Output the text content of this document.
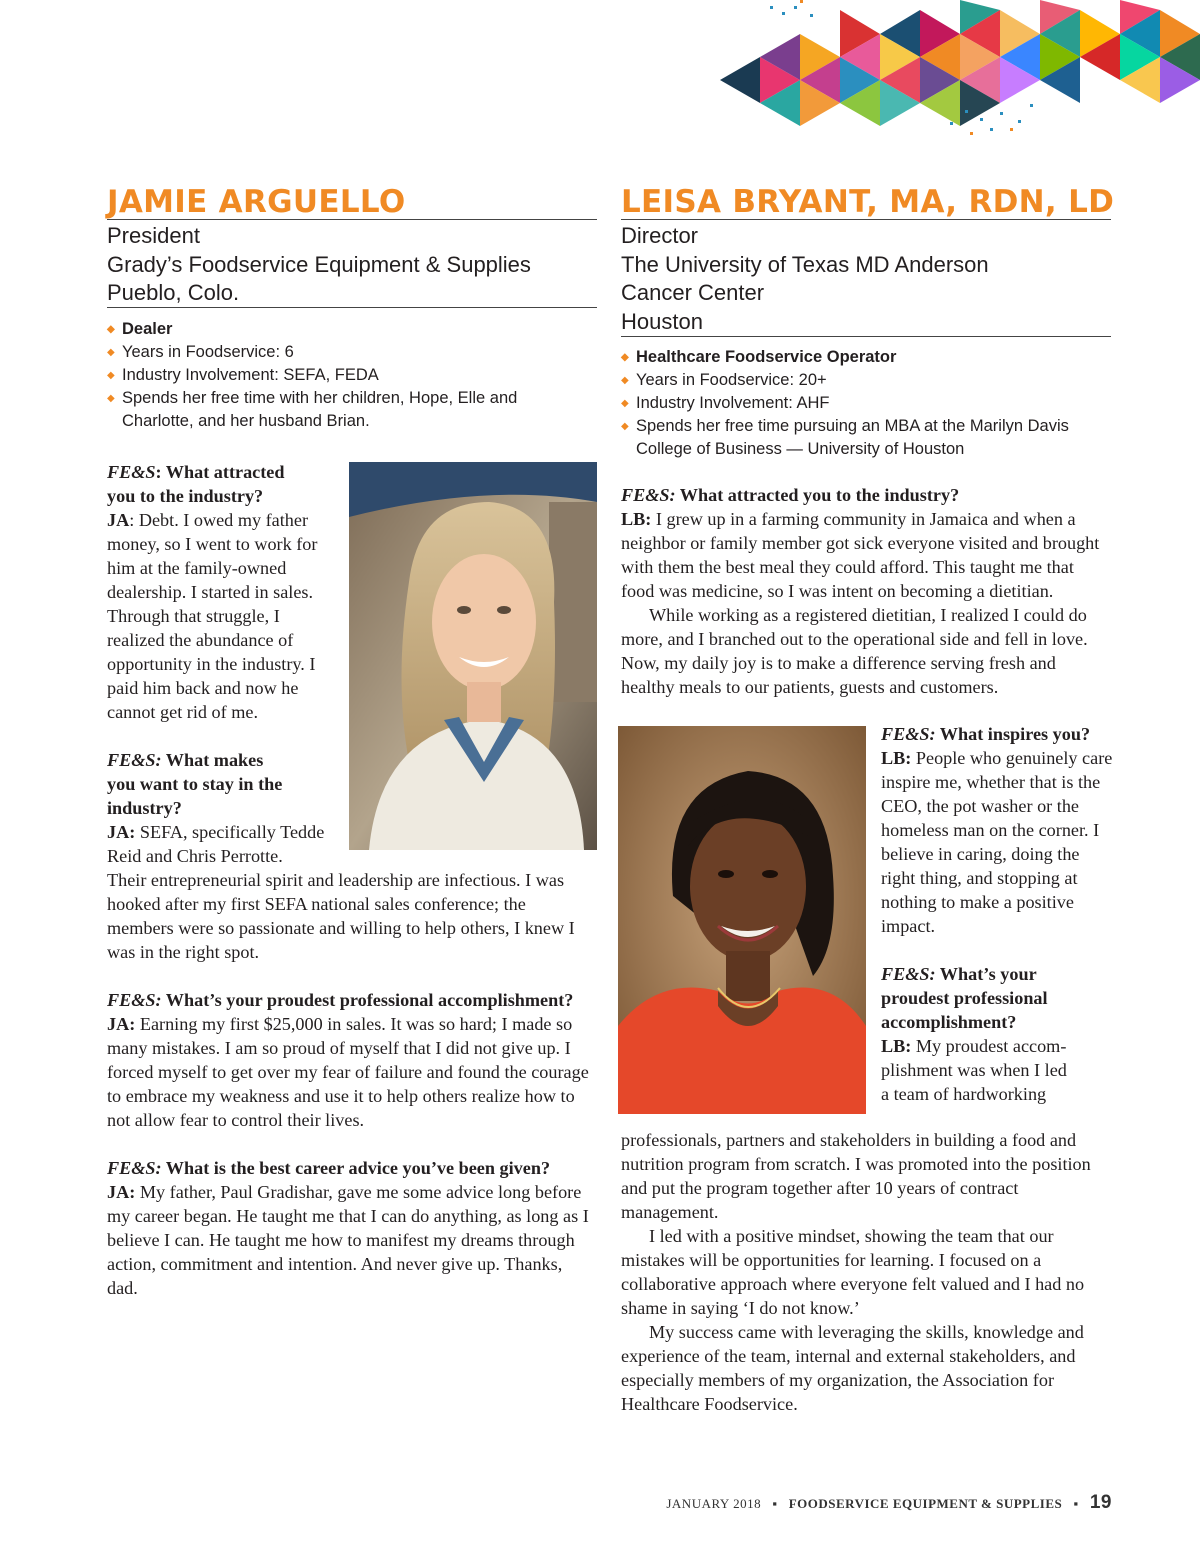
JAMIE ARGUELLO
President
Grady’s Foodservice Equipment & Supplies
Pueblo, Colo.
◆ Dealer
◆ Years in Foodservice: 6
◆ Industry Involvement: SEFA, FEDA
◆ Spends her free time with her children, Hope, Elle and Charlotte, and her husband Brian.

FE&S: What attracted
you to the industry?

JA: Debt. I owed my father money, so I went to work for him at the family-owned dealership. I started in sales. Through that struggle, I realized the abundance of opportunity in the industry. I paid him back and now he cannot get rid of me.

FE&S: What makes
you want to stay in the
industry?

JA: SEFA, specifically Tedde
Reid and Chris Perrotte.

Their entrepreneurial spirit and leadership are infectious. I was hooked after my first SEFA national sales conference; the members were so passionate and willing to help others, I knew I was in the right spot.

FE&S: What’s your proudest professional accomplishment?

JA: Earning my first $25,000 in sales. It was so hard; I made so many mistakes. I am so proud of myself that I did not give up. I forced myself to get over my fear of failure and found the courage to embrace my weakness and use it to help others realize how to not allow fear to control their lives.

FE&S: What is the best career advice you’ve been given?

JA: My father, Paul Gradishar, gave me some advice long before my career began. He taught me that I can do anything, as long as I believe I can. He taught me how to manifest my dreams through action, commitment and intention. And never give up. Thanks, dad.

LEISA BRYANT, MA, RDN, LD
Director
The University of Texas MD Anderson
Cancer Center
Houston
◆ Healthcare Foodservice Operator
◆ Years in Foodservice: 20+
◆ Industry Involvement: AHF
◆ Spends her free time pursuing an MBA at the Marilyn Davis College of Business — University of Houston

FE&S: What attracted you to the industry?

LB: I grew up in a farming community in Jamaica and when a neighbor or family member got sick everyone visited and brought with them the best meal they could afford. This taught me that food was medicine, so I was intent on becoming a dietitian.

While working as a registered dietitian, I realized I could do more, and I branched out to the operational side and fell in love. Now, my daily joy is to make a difference serving fresh and healthy meals to our patients, guests and customers.

FE&S: What inspires you?

LB: People who genuinely care inspire me, whether that is the CEO, the pot washer or the homeless man on the corner. I believe in caring, doing the right thing, and stopping at nothing to make a positive impact.

FE&S: What’s your
proudest professional
accomplishment?

LB: My proudest accom-
plishment was when I led
a team of hardworking

professionals, partners and stakeholders in building a food and nutrition program from scratch. I was promoted into the position and put the program together after 10 years of contract management.

I led with a positive mindset, showing the team that our mistakes will be opportunities for learning. I focused on a collaborative approach where everyone felt valued and I had no shame in saying ‘I do not know.’

My success came with leveraging the skills, knowledge and experience of the team, internal and external stakeholders, and especially members of my organization, the Association for Healthcare Foodservice.

JANUARY 2018 ▪ FOODSERVICE EQUIPMENT & SUPPLIES ▪ 19
